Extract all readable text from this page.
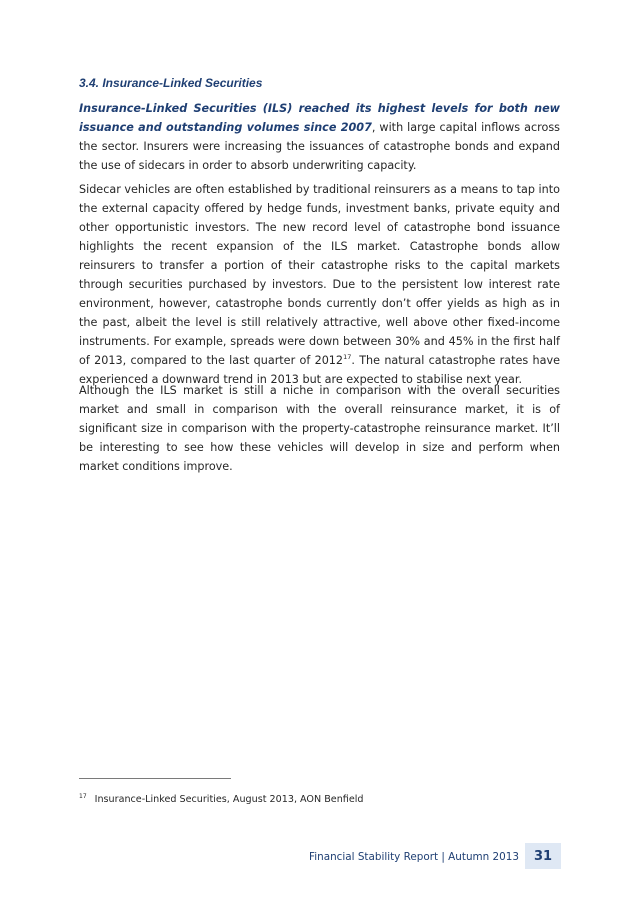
3.4. Insurance-Linked Securities

Insurance-Linked Securities (ILS) reached its highest levels for both new issuance and outstanding volumes since 2007, with large capital inflows across the sector. Insurers were increasing the issuances of catastrophe bonds and expand the use of sidecars in order to absorb underwriting capacity.

Sidecar vehicles are often established by traditional reinsurers as a means to tap into the external capacity offered by hedge funds, investment banks, private equity and other opportunistic investors. The new record level of catastrophe bond issuance highlights the recent expansion of the ILS market. Catastrophe bonds allow reinsurers to transfer a portion of their catastrophe risks to the capital markets through securities purchased by investors. Due to the persistent low interest rate environment, however, catastrophe bonds currently don’t offer yields as high as in the past, albeit the level is still relatively attractive, well above other fixed-income instruments. For example, spreads were down between 30% and 45% in the first half of 2013, compared to the last quarter of 2012$^{17}$. The natural catastrophe rates have experienced a downward trend in 2013 but are expected to stabilise next year.

Although the ILS market is still a niche in comparison with the overall securities market and small in comparison with the overall reinsurance market, it is of significant size in comparison with the property-catastrophe reinsurance market. It’ll be interesting to see how these vehicles will develop in size and perform when market conditions improve.

$^{17}$ Insurance-Linked Securities, August 2013, AON Benfield
Financial Stability Report | Autumn 2013	31
